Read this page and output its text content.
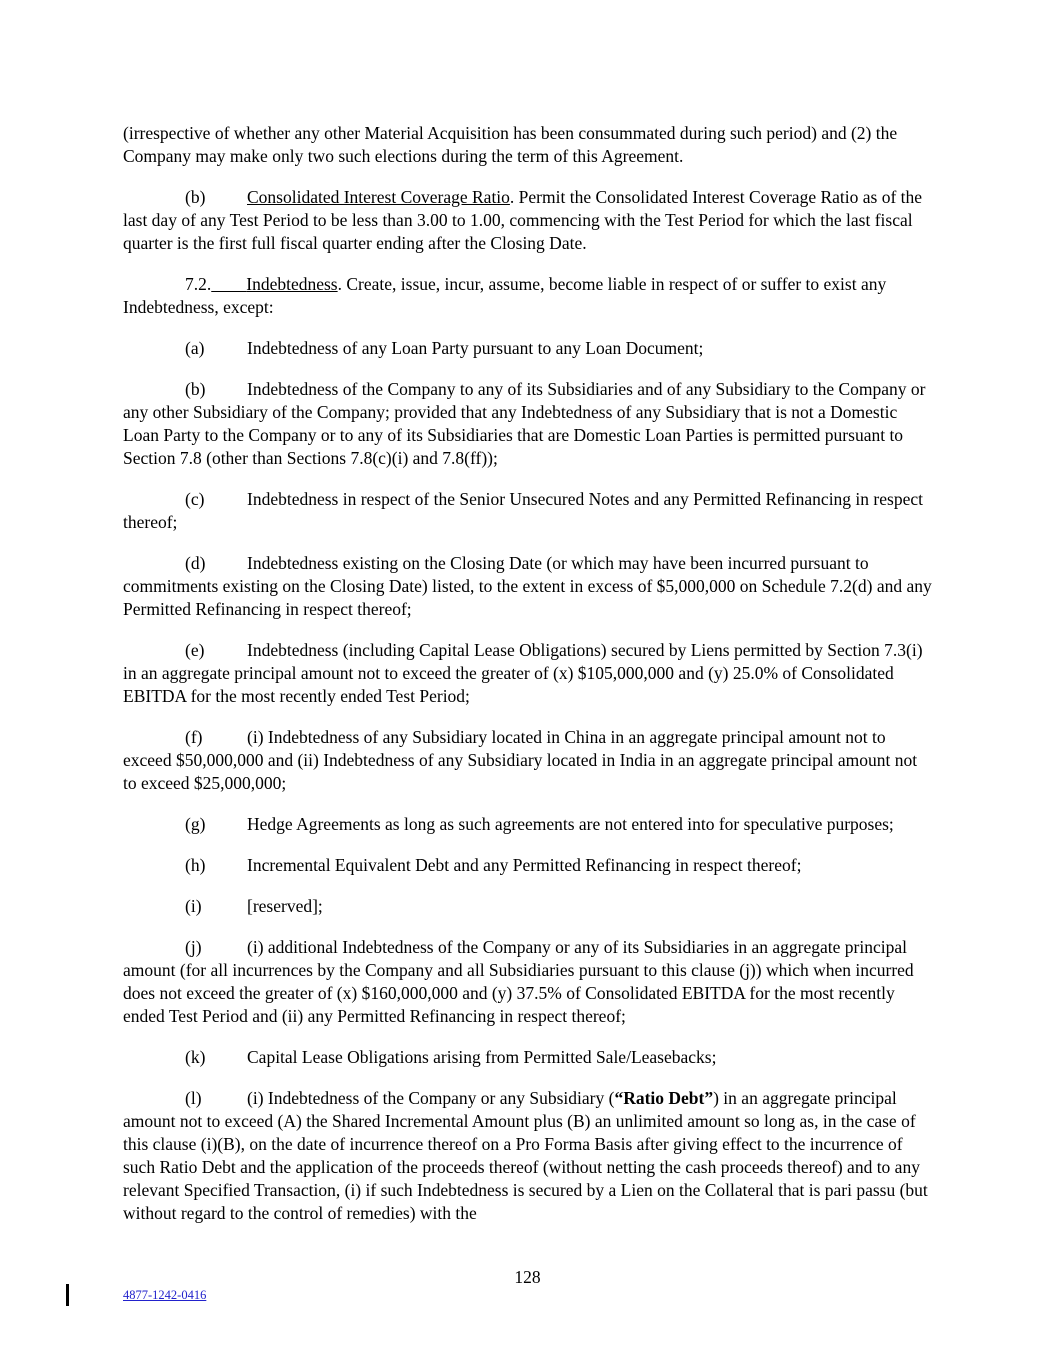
(irrespective of whether any other Material Acquisition has been consummated during such period) and (2) the Company may make only two such elections during the term of this Agreement.

(b) Consolidated Interest Coverage Ratio. Permit the Consolidated Interest Coverage Ratio as of the last day of any Test Period to be less than 3.00 to 1.00, commencing with the Test Period for which the last fiscal quarter is the first full fiscal quarter ending after the Closing Date.

7.2. Indebtedness. Create, issue, incur, assume, become liable in respect of or suffer to exist any Indebtedness, except:

(a) Indebtedness of any Loan Party pursuant to any Loan Document;

(b) Indebtedness of the Company to any of its Subsidiaries and of any Subsidiary to the Company or any other Subsidiary of the Company; provided that any Indebtedness of any Subsidiary that is not a Domestic Loan Party to the Company or to any of its Subsidiaries that are Domestic Loan Parties is permitted pursuant to Section 7.8 (other than Sections 7.8(c)(i) and 7.8(ff));

(c) Indebtedness in respect of the Senior Unsecured Notes and any Permitted Refinancing in respect thereof;

(d) Indebtedness existing on the Closing Date (or which may have been incurred pursuant to commitments existing on the Closing Date) listed, to the extent in excess of $5,000,000 on Schedule 7.2(d) and any Permitted Refinancing in respect thereof;

(e) Indebtedness (including Capital Lease Obligations) secured by Liens permitted by Section 7.3(i) in an aggregate principal amount not to exceed the greater of (x) $105,000,000 and (y) 25.0% of Consolidated EBITDA for the most recently ended Test Period;

(f)	(i) Indebtedness of any Subsidiary located in China in an aggregate principal amount not to exceed $50,000,000 and (ii) Indebtedness of any Subsidiary located in India in an aggregate principal amount not to exceed $25,000,000;

(g) Hedge Agreements as long as such agreements are not entered into for speculative purposes;

(h) Incremental Equivalent Debt and any Permitted Refinancing in respect thereof;

(i)	[reserved];

(j)	(i) additional Indebtedness of the Company or any of its Subsidiaries in an aggregate principal amount (for all incurrences by the Company and all Subsidiaries pursuant to this clause (j)) which when incurred does not exceed the greater of (x) $160,000,000 and (y) 37.5% of Consolidated EBITDA for the most recently ended Test Period and (ii) any Permitted Refinancing in respect thereof;

(k) Capital Lease Obligations arising from Permitted Sale/Leasebacks;

(l)	(i) Indebtedness of the Company or any Subsidiary (“Ratio Debt”) in an aggregate principal amount not to exceed (A) the Shared Incremental Amount plus (B) an unlimited amount so long as, in the case of this clause (i)(B), on the date of incurrence thereof on a Pro Forma Basis after giving effect to the incurrence of such Ratio Debt and the application of the proceeds thereof (without netting the cash proceeds thereof) and to any relevant Specified Transaction, (i) if such Indebtedness is secured by a Lien on the Collateral that is pari passu (but without regard to the control of remedies) with the

128
4877-1242-0416
